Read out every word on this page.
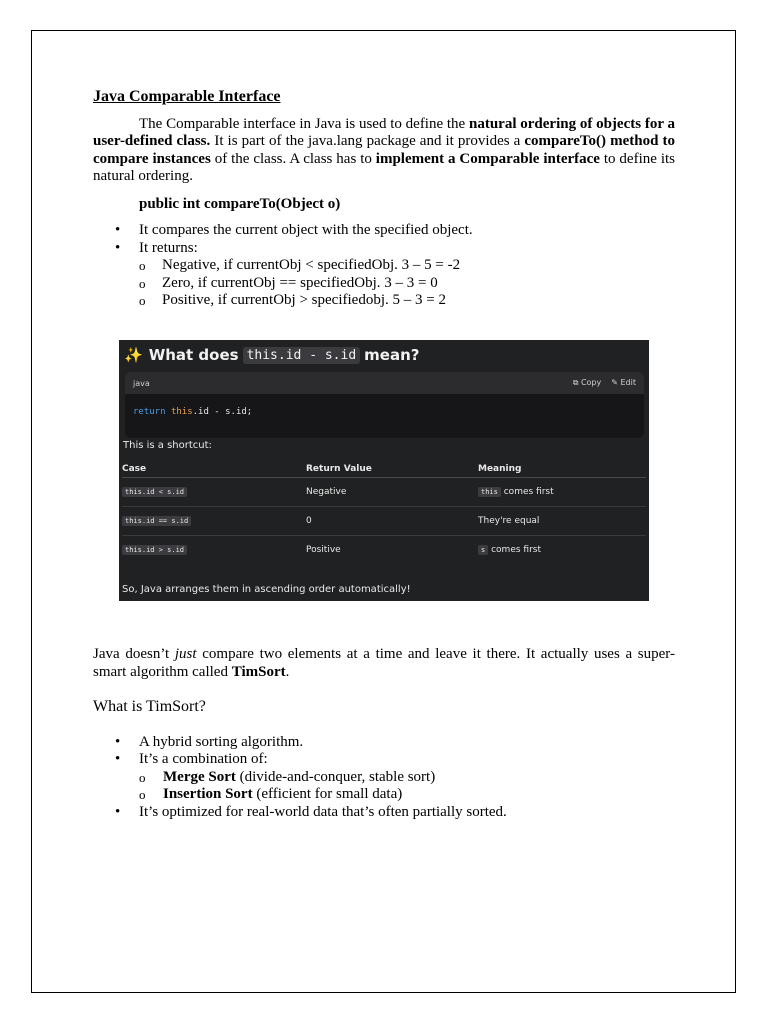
Java Comparable Interface

The Comparable interface in Java is used to define the natural ordering of objects for a user-defined class. It is part of the java.lang package and it provides a compareTo() method to compare instances of the class. A class has to implement a Comparable interface to define its natural ordering.

public int compareTo(Object o)
• It compares the current object with the specified object.
• It returns:
o Negative, if currentObj < specifiedObj. 3 – 5 = -2
o Zero, if currentObj == specifiedObj. 3 – 3 = 0
o Positive, if currentObj > specifiedobj. 5 – 3 = 2
✨ What does this.id - s.id mean?
java	⧉ Copy ✎ Edit
return this.id - s.id;
This is a shortcut:
Case	Return Value	Meaning
this.id < s.id	Negative	this comes first
this.id == s.id	0	They're equal
this.id > s.id	Positive	s comes first
So, Java arranges them in ascending order automatically!

Java doesn’t just compare two elements at a time and leave it there. It actually uses a super-smart algorithm called TimSort.

What is TimSort?
• A hybrid sorting algorithm.
• It’s a combination of:
o Merge Sort (divide-and-conquer, stable sort)
o Insertion Sort (efficient for small data)
• It’s optimized for real-world data that’s often partially sorted.
